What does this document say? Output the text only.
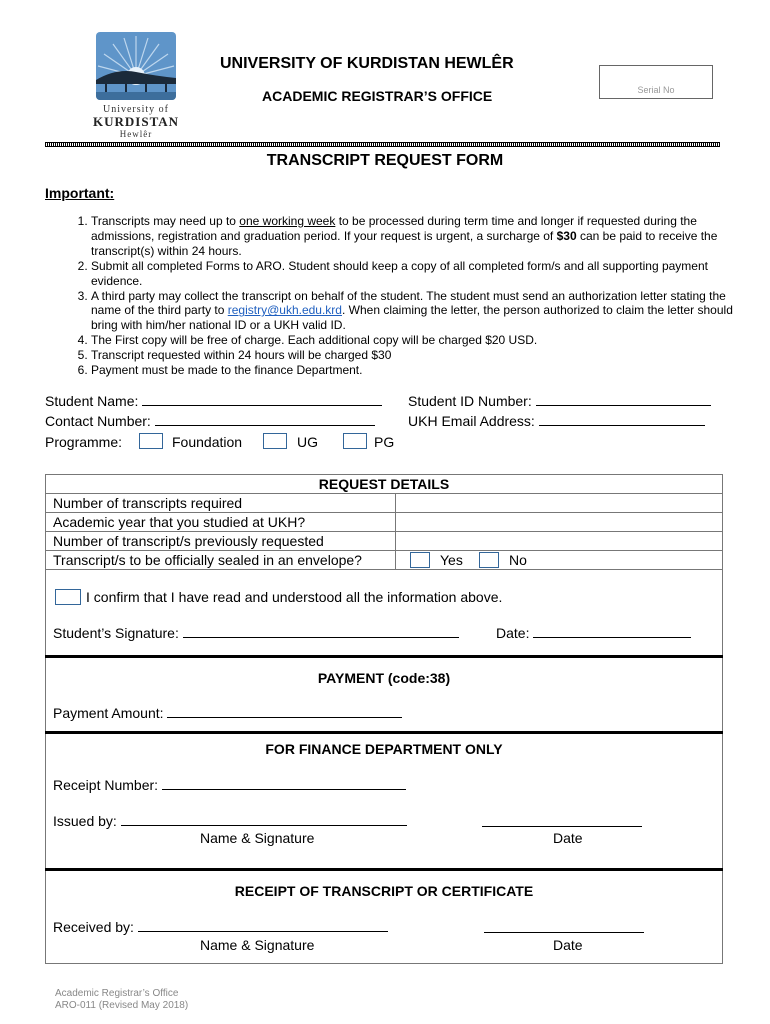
University of
KURDISTAN
Hewlêr
UNIVERSITY OF KURDISTAN HEWLÊR
ACADEMIC REGISTRAR’S OFFICE	Serial No
TRANSCRIPT REQUEST FORM
Important:
1. Transcripts may need up to one working week to be processed during term time and longer if requested during the admissions, registration and graduation period. If your request is urgent, a surcharge of $30 can be paid to receive the transcript(s) within 24 hours.
2. Submit all completed Forms to ARO. Student should keep a copy of all completed form/s and all supporting payment evidence.
3. A third party may collect the transcript on behalf of the student. The student must send an authorization letter stating the name of the third party to registry@ukh.edu.krd. When claiming the letter, the person authorized to claim the letter should bring with him/her national ID or a UKH valid ID.
4. The First copy will be free of charge. Each additional copy will be charged $20 USD.
5. Transcript requested within 24 hours will be charged $30
6. Payment must be made to the finance Department.
Student Name:	Student ID Number:
Contact Number:	UKH Email Address:
Programme:	Foundation	UG	PG
REQUEST DETAILS	
Number of transcripts required	
Academic year that you studied at UKH?	
Number of transcript/s previously requested	
Transcript/s to be officially sealed in an envelope?	Yes No
I confirm that I have read and understood all the information above.
Student’s Signature:	Date:
PAYMENT (code:38)
Payment Amount:
FOR FINANCE DEPARTMENT ONLY
Receipt Number:
Issued by:
Name & Signature	Date
RECEIPT OF TRANSCRIPT OR CERTIFICATE
Received by:
Name & Signature	Date
Academic Registrar’s Office
ARO-011 (Revised May 2018)
